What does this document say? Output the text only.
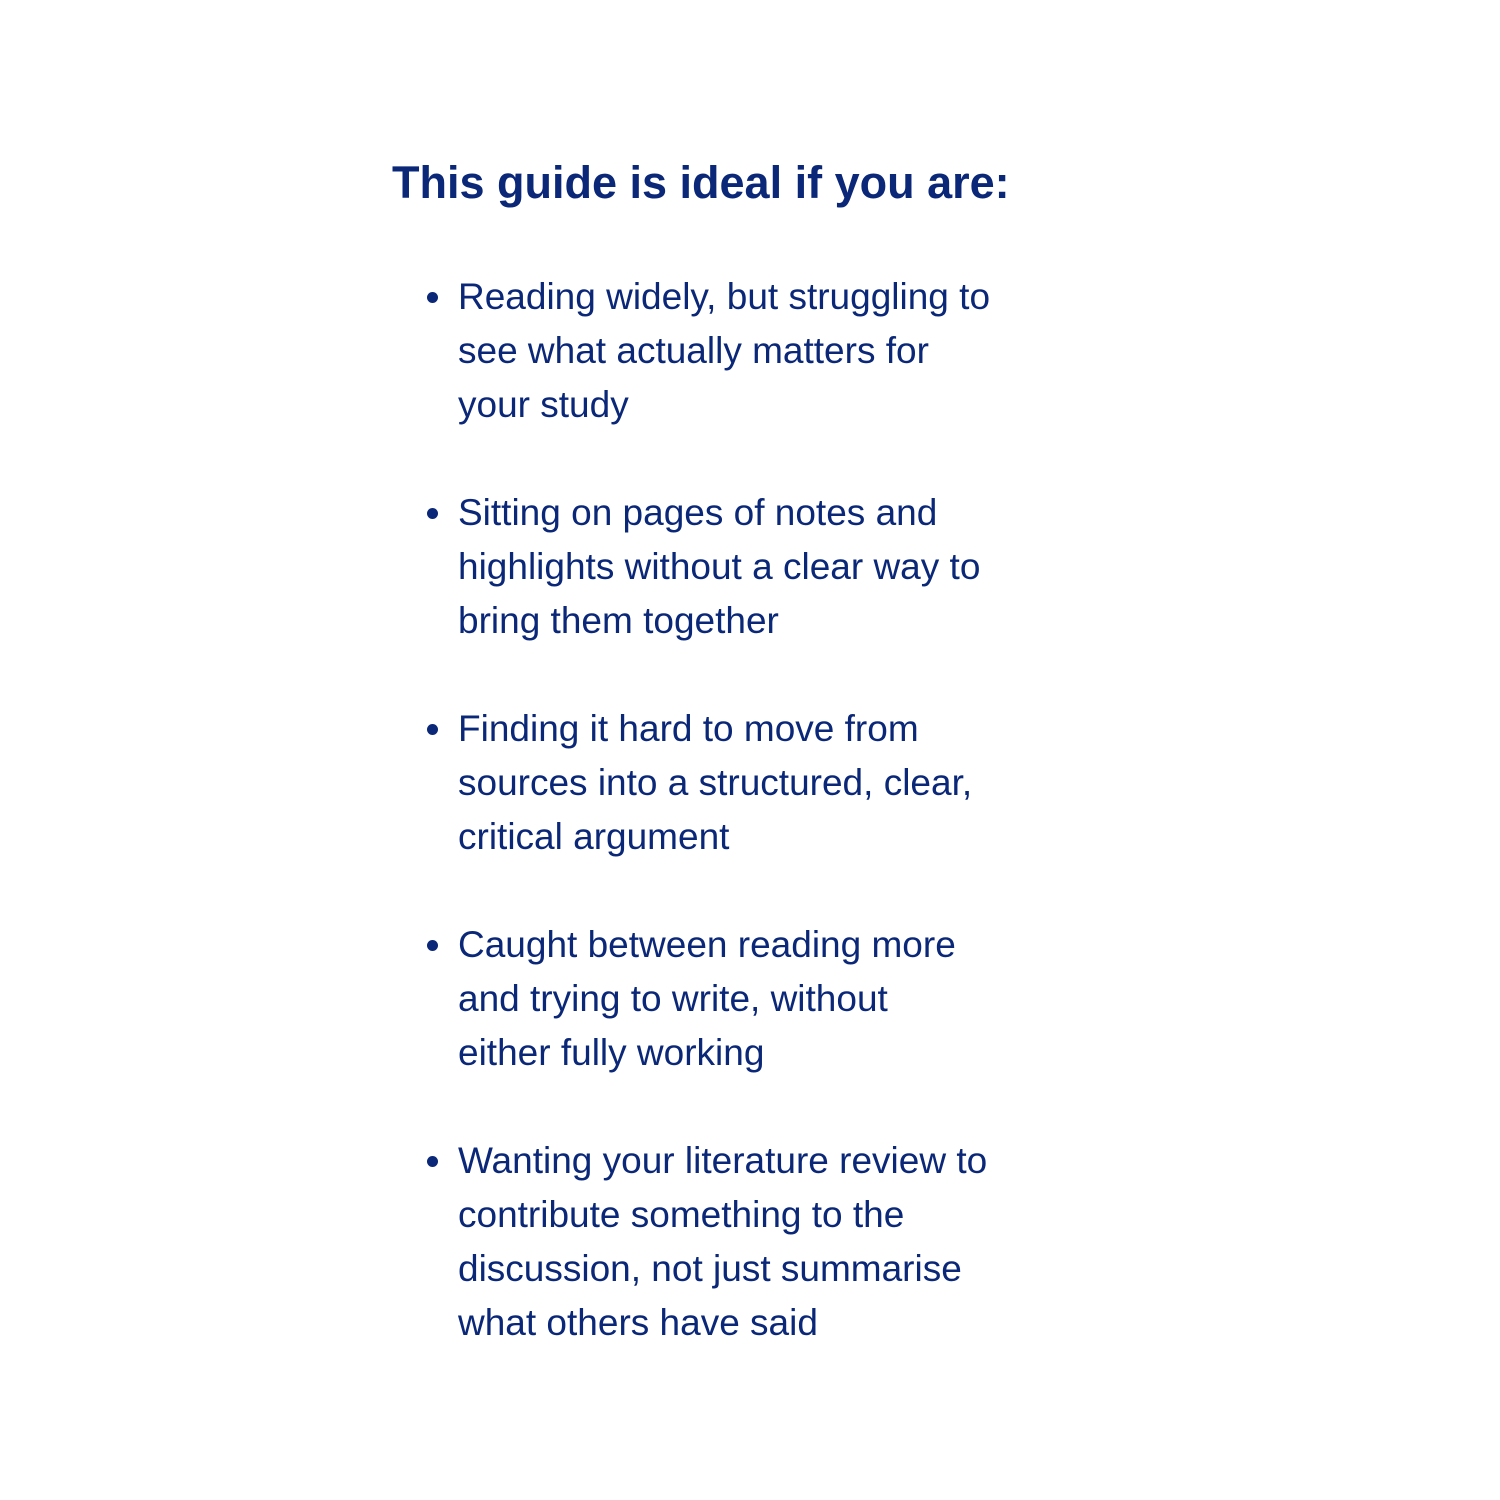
This guide is ideal if you are:
Reading widely, but struggling to
see what actually matters for
your study
Sitting on pages of notes and
highlights without a clear way to
bring them together
Finding it hard to move from
sources into a structured, clear,
critical argument
Caught between reading more
and trying to write, without
either fully working
Wanting your literature review to
contribute something to the
discussion, not just summarise
what others have said
